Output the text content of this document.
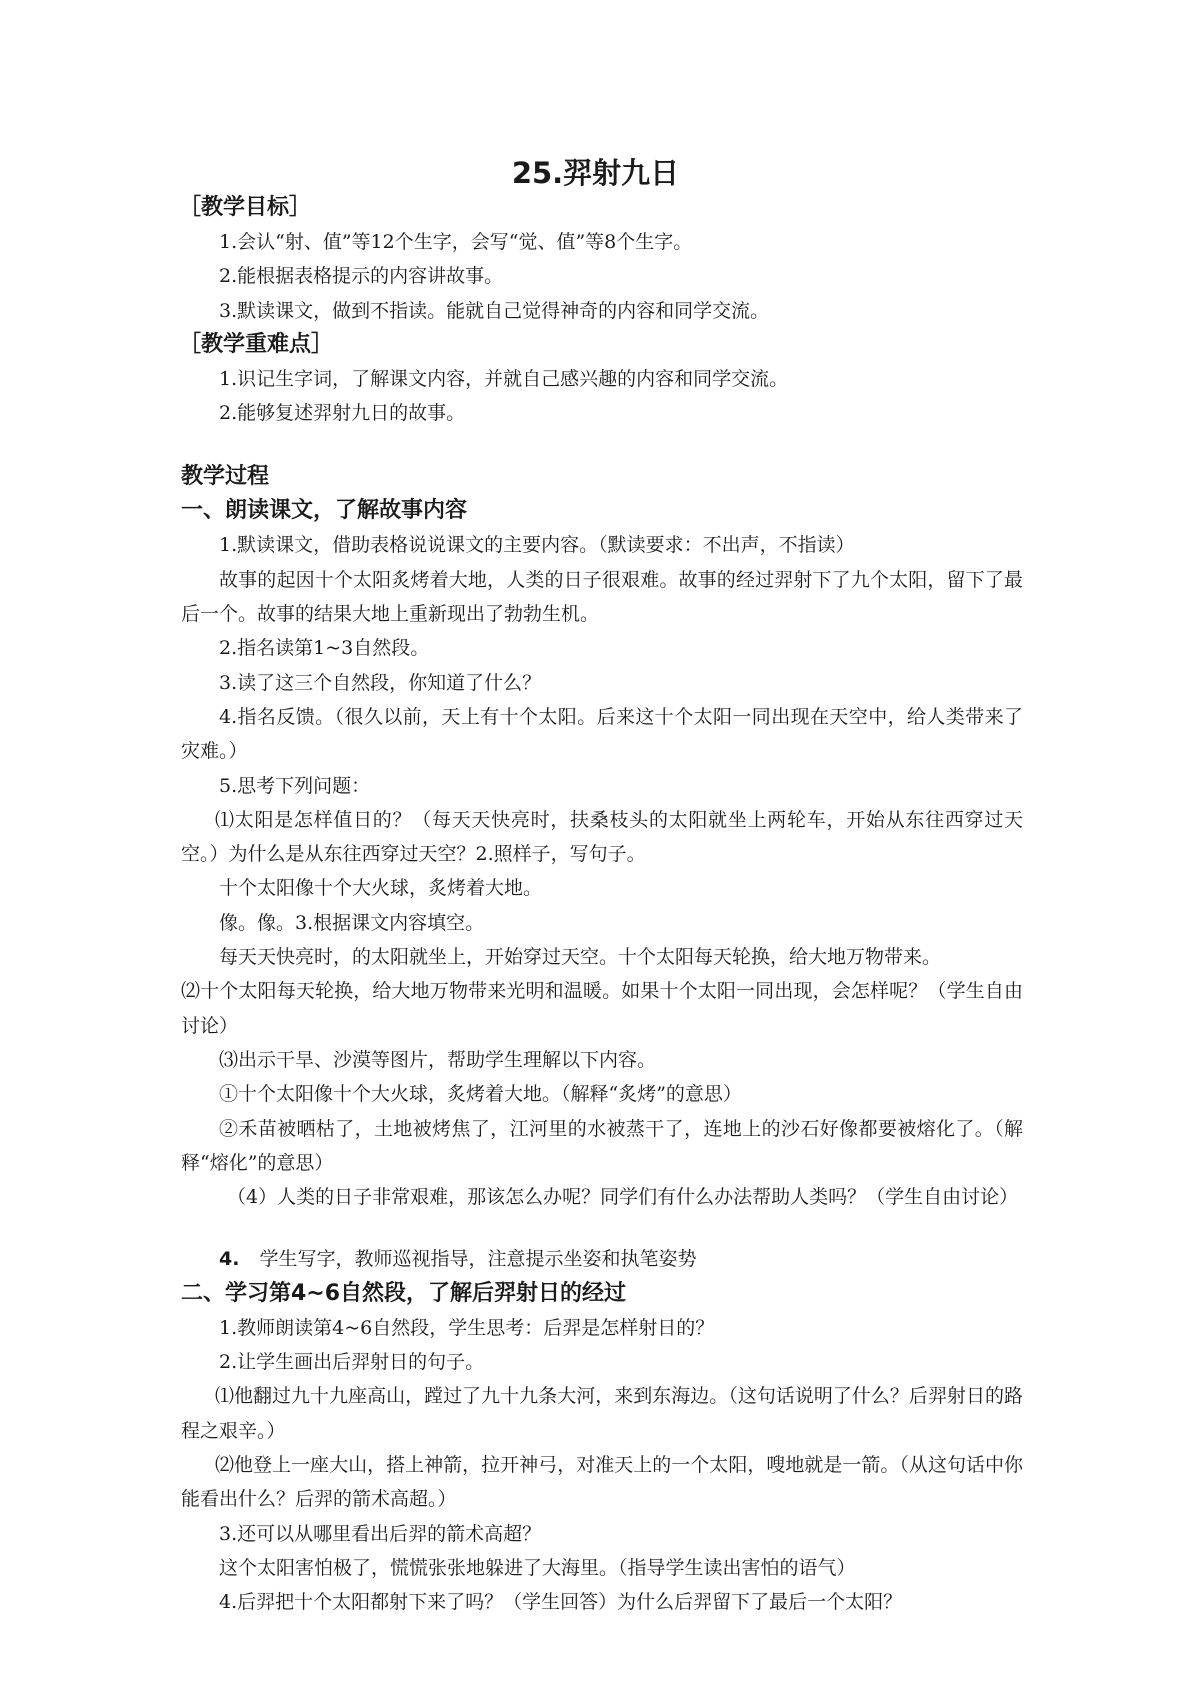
25.羿射九日
［教学目标］

1.会认“射、值”等12个生字，会写“觉、值”等8个生字。

2.能根据表格提示的内容讲故事。

3.默读课文，做到不指读。能就自己觉得神奇的内容和同学交流。

［教学重难点］

1.识记生字词，了解课文内容，并就自己感兴趣的内容和同学交流。

2.能够复述羿射九日的故事。

教学过程
一、朗读课文，了解故事内容

1.默读课文，借助表格说说课文的主要内容。（默读要求：不出声，不指读）

故事的起因十个太阳炙烤着大地，人类的日子很艰难。故事的经过羿射下了九个太阳，留下了最后一个。故事的结果大地上重新现出了勃勃生机。

2.指名读第1~3自然段。

3.读了这三个自然段，你知道了什么？

4.指名反馈。（很久以前，天上有十个太阳。后来这十个太阳一同出现在天空中，给人类带来了灾难。）

5.思考下列问题：

⑴太阳是怎样值日的？（每天天快亮时，扶桑枝头的太阳就坐上两轮车，开始从东往西穿过天空。）为什么是从东往西穿过天空？2.照样子，写句子。

十个太阳像十个大火球，炙烤着大地。

像。像。3.根据课文内容填空。

每天天快亮时，的太阳就坐上，开始穿过天空。十个太阳每天轮换，给大地万物带来。

⑵十个太阳每天轮换，给大地万物带来光明和温暖。如果十个太阳一同出现，会怎样呢？（学生自由讨论）

⑶出示干旱、沙漠等图片，帮助学生理解以下内容。

①十个太阳像十个大火球，炙烤着大地。（解释“炙烤”的意思）

②禾苗被晒枯了，土地被烤焦了，江河里的水被蒸干了，连地上的沙石好像都要被熔化了。（解释“熔化”的意思）

（4）人类的日子非常艰难，那该怎么办呢？同学们有什么办法帮助人类吗？（学生自由讨论）

4. 学生写字，教师巡视指导，注意提示坐姿和执笔姿势

二、学习第4~6自然段，了解后羿射日的经过

1.教师朗读第4~6自然段，学生思考：后羿是怎样射日的？

2.让学生画出后羿射日的句子。

⑴他翻过九十九座高山，蹚过了九十九条大河，来到东海边。（这句话说明了什么？后羿射日的路程之艰辛。）

⑵他登上一座大山，搭上神箭，拉开神弓，对准天上的一个太阳，嗖地就是一箭。（从这句话中你能看出什么？后羿的箭术高超。）

3.还可以从哪里看出后羿的箭术高超？

这个太阳害怕极了，慌慌张张地躲进了大海里。（指导学生读出害怕的语气）

4.后羿把十个太阳都射下来了吗？（学生回答）为什么后羿留下了最后一个太阳？
